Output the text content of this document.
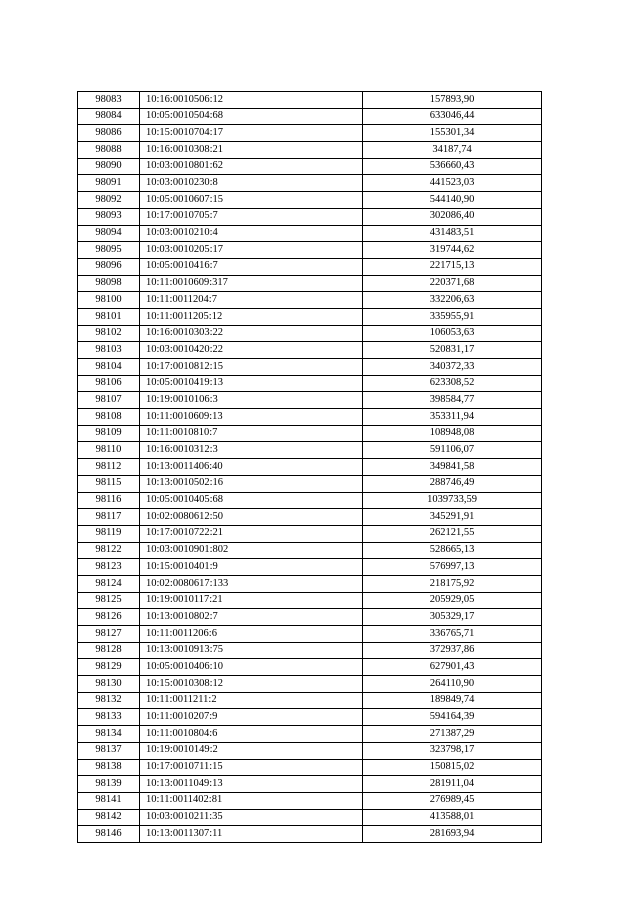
98083	10:16:0010506:12	157893,90
98084	10:05:0010504:68	633046,44
98086	10:15:0010704:17	155301,34
98088	10:16:0010308:21	34187,74
98090	10:03:0010801:62	536660,43
98091	10:03:0010230:8	441523,03
98092	10:05:0010607:15	544140,90
98093	10:17:0010705:7	302086,40
98094	10:03:0010210:4	431483,51
98095	10:03:0010205:17	319744,62
98096	10:05:0010416:7	221715,13
98098	10:11:0010609:317	220371,68
98100	10:11:0011204:7	332206,63
98101	10:11:0011205:12	335955,91
98102	10:16:0010303:22	106053,63
98103	10:03:0010420:22	520831,17
98104	10:17:0010812:15	340372,33
98106	10:05:0010419:13	623308,52
98107	10:19:0010106:3	398584,77
98108	10:11:0010609:13	353311,94
98109	10:11:0010810:7	108948,08
98110	10:16:0010312:3	591106,07
98112	10:13:0011406:40	349841,58
98115	10:13:0010502:16	288746,49
98116	10:05:0010405:68	1039733,59
98117	10:02:0080612:50	345291,91
98119	10:17:0010722:21	262121,55
98122	10:03:0010901:802	528665,13
98123	10:15:0010401:9	576997,13
98124	10:02:0080617:133	218175,92
98125	10:19:0010117:21	205929,05
98126	10:13:0010802:7	305329,17
98127	10:11:0011206:6	336765,71
98128	10:13:0010913:75	372937,86
98129	10:05:0010406:10	627901,43
98130	10:15:0010308:12	264110,90
98132	10:11:0011211:2	189849,74
98133	10:11:0010207:9	594164,39
98134	10:11:0010804:6	271387,29
98137	10:19:0010149:2	323798,17
98138	10:17:0010711:15	150815,02
98139	10:13:0011049:13	281911,04
98141	10:11:0011402:81	276989,45
98142	10:03:0010211:35	413588,01
98146	10:13:0011307:11	281693,94
